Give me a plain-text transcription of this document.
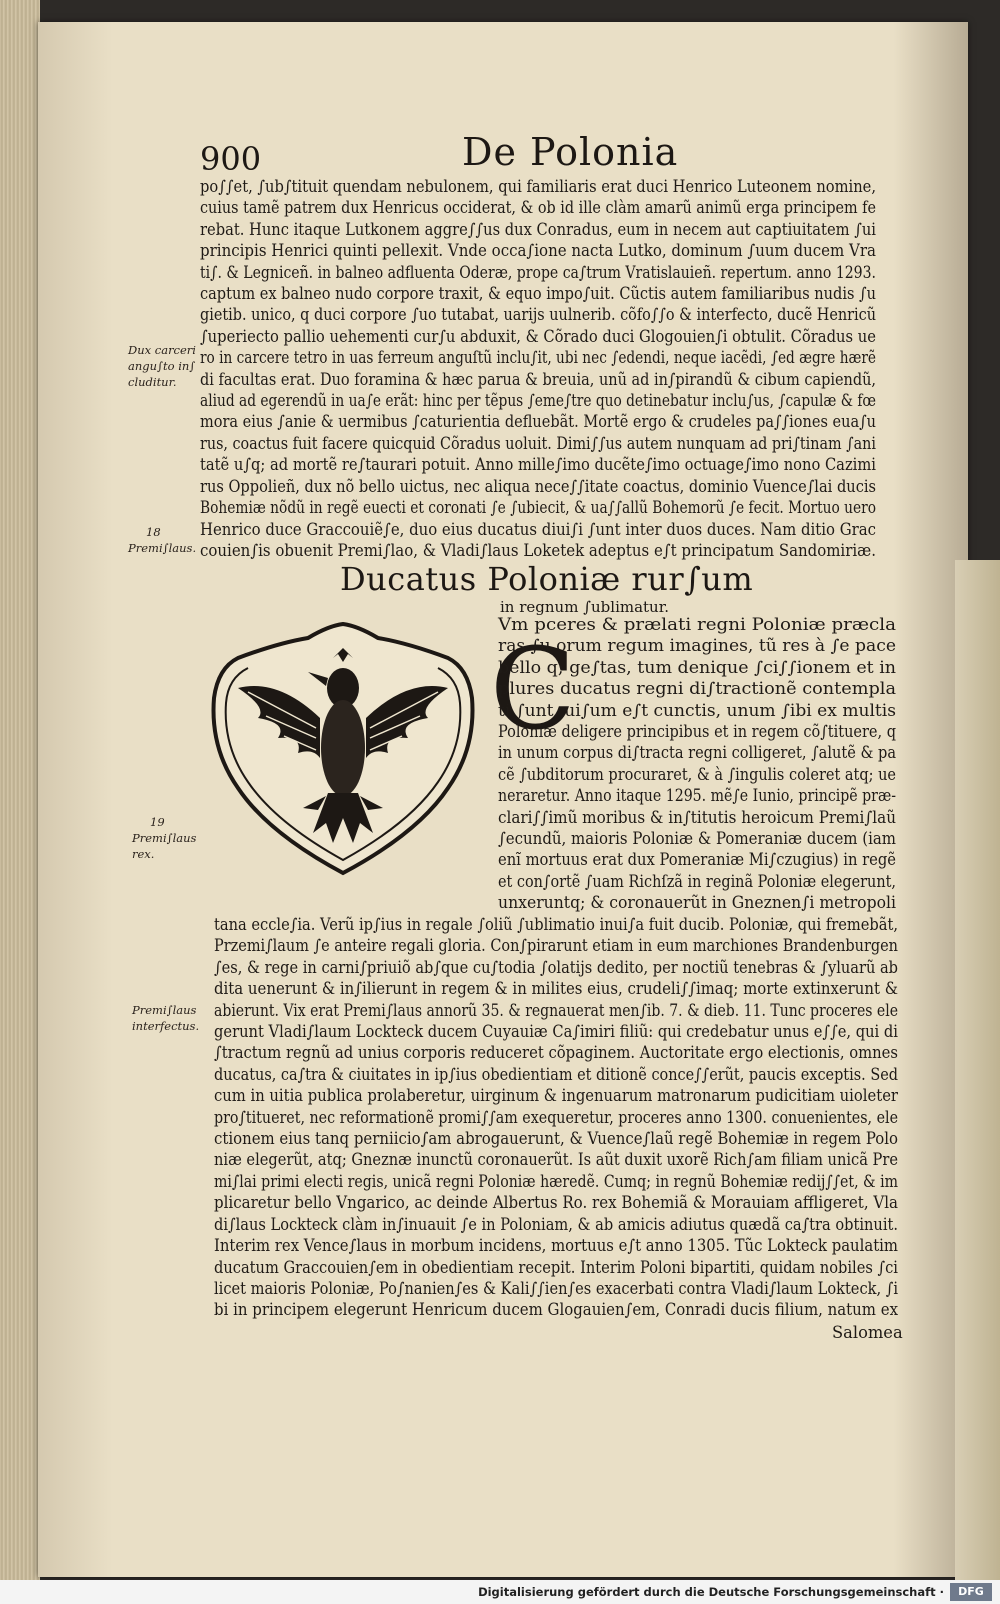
900	De Polonia
po∫∫et, ∫ub∫tituit quendam nebulonem, qui familiaris erat duci Henrico Luteonem nomine,
cuius tamẽ patrem dux Henricus occiderat, & ob id ille clàm amarũ animũ erga principem fe
rebat. Hunc itaque Lutkonem aggre∫∫us dux Conradus, eum in necem aut captiuitatem ∫ui
principis Henrici quinti pellexit. Vnde occa∫ione nacta Lutko, dominum ∫uum ducem Vra
ti∫. & Legniceñ. in balneo adfluenta Oderæ, prope ca∫trum Vratislauieñ. repertum. anno 1293.
captum ex balneo nudo corpore traxit, & equo impo∫uit. Cũctis autem familiaribus nudis ∫u
gietib. unico, q duci corpore ∫uo tutabat, uarijs uulnerib. cõfo∫∫o & interfecto, ducẽ Henricũ
∫uperiecto pallio uehementi cur∫u abduxit, & Cõrado duci Glogouien∫i obtulit. Cõradus ue
ro in carcere tetro in uas ferreum anguſtũ inclu∫it, ubi nec ∫edendi, neque iacẽdi, ∫ed ægre hærẽ
di facultas erat. Duo foramina & hæc parua & breuia, unũ ad in∫pirandũ & cibum capiendũ,
aliud ad egerendũ in ua∫e erãt: hinc per tẽpus ∫eme∫tre quo detinebatur inclu∫us, ∫capulæ & fœ
mora eius ∫anie & uermibus ∫caturientia defluebãt. Mortẽ ergo & crudeles pa∫∫iones eua∫u
rus, coactus fuit facere quicquid Cõradus uoluit. Dimi∫∫us autem nunquam ad pri∫tinam ∫ani
tatẽ u∫q; ad mortẽ re∫taurari potuit. Anno mille∫imo ducẽte∫imo octuage∫imo nono Cazimi
rus Oppolieñ, dux nõ bello uictus, nec aliqua nece∫∫itate coactus, dominio Vuence∫lai ducis
Bohemiæ nõdũ in regẽ euecti et coronati ∫e ∫ubiecit, & ua∫∫allũ Bohemorũ ∫e fecit. Mortuo uero
Henrico duce Graccouiẽ∫e, duo eius ducatus diui∫i ∫unt inter duos duces. Nam ditio Grac
couien∫is obuenit Premi∫lao, & Vladi∫laus Loketek adeptus e∫t principatum Sandomiriæ.
Dux carceri
angu∫to in∫
cluditur.
18
Premi∫laus.
Ducatus Poloniæ rur∫um
in regnum ∫ublimatur.
C
Vm pceres & prælati regni Poloniæ præcla
ras ∫u orum regum imagines, tũ res à ∫e pace
bello q; ge∫tas, tum denique ∫ci∫∫ionem et in
plures ducatus regni di∫tractionẽ contempla
ti ∫unt, ui∫um e∫t cunctis, unum ∫ibi ex multis
Poloniæ deligere principibus et in regem cõ∫tituere, q
in unum corpus di∫tracta regni colligeret, ∫alutẽ & pa
cẽ ∫ubditorum procuraret, & à ∫ingulis coleret atq; ue
neraretur. Anno itaque 1295. mẽ∫e Iunio, principẽ præ-
clari∫∫imũ moribus & in∫titutis heroicum Premi∫laũ
∫ecundũ, maioris Poloniæ & Pomeraniæ ducem (iam
enĩ mortuus erat dux Pomeraniæ Mi∫czugius) in regẽ
et con∫ortẽ ∫uam Richſzã in reginã Poloniæ elegerunt,
unxeruntq; & coronauerũt in Gneznen∫i metropoli
19
Premi∫laus
rex.
tana eccle∫ia. Verũ ip∫ius in regale ∫oliũ ∫ublimatio inui∫a fuit ducib. Poloniæ, qui fremebãt,
Przemi∫laum ∫e anteire regali gloria. Con∫pirarunt etiam in eum marchiones Brandenburgen
∫es, & rege in carni∫priuiõ ab∫que cu∫todia ∫olatijs dedito, per noctiũ tenebras & ∫yluarũ ab
dita uenerunt & in∫ilierunt in regem & in milites eius, crudeli∫∫imaq; morte extinxerunt &
abierunt. Vix erat Premi∫laus annorũ 35. & regnauerat men∫ib. 7. & dieb. 11. Tunc proceres ele
gerunt Vladi∫laum Lockteck ducem Cuyauiæ Ca∫imiri filiũ: qui credebatur unus e∫∫e, qui di
∫tractum regnũ ad unius corporis reduceret cõpaginem. Auctoritate ergo electionis, omnes
ducatus, ca∫tra & ciuitates in ip∫ius obedientiam et ditionẽ conce∫∫erũt, paucis exceptis. Sed
cum in uitia publica prolaberetur, uirginum & ingenuarum matronarum pudicitiam uioleter
pro∫titueret, nec reformationẽ promi∫∫am exequeretur, proceres anno 1300. conuenientes, ele
ctionem eius tanq perniicio∫am abrogauerunt, & Vuence∫laũ regẽ Bohemiæ in regem Polo
niæ elegerũt, atq; Gneznæ inunctũ coronauerũt. Is aũt duxit uxorẽ Rich∫am filiam unicã Pre
mi∫lai primi electi regis, unicã regni Poloniæ hæredẽ. Cumq; in regnũ Bohemiæ redij∫∫et, & im
plicaretur bello Vngarico, ac deinde Albertus Ro. rex Bohemiã & Morauiam affligeret, Vla
di∫laus Lockteck clàm in∫inuauit ∫e in Poloniam, & ab amicis adiutus quædã ca∫tra obtinuit.
Interim rex Vence∫laus in morbum incidens, mortuus e∫t anno 1305. Tũc Lokteck paulatim
ducatum Graccouien∫em in obedientiam recepit. Interim Poloni bipartiti, quidam nobiles ∫ci
licet maioris Poloniæ, Po∫nanien∫es & Kali∫∫ien∫es exacerbati contra Vladi∫laum Lokteck, ∫i
bi in principem elegerunt Henricum ducem Glogauien∫em, Conradi ducis filium, natum ex
Premi∫laus
interfectus.
Salomea
Digitalisierung gefördert durch die Deutsche Forschungsgemeinschaft ·	DFG
